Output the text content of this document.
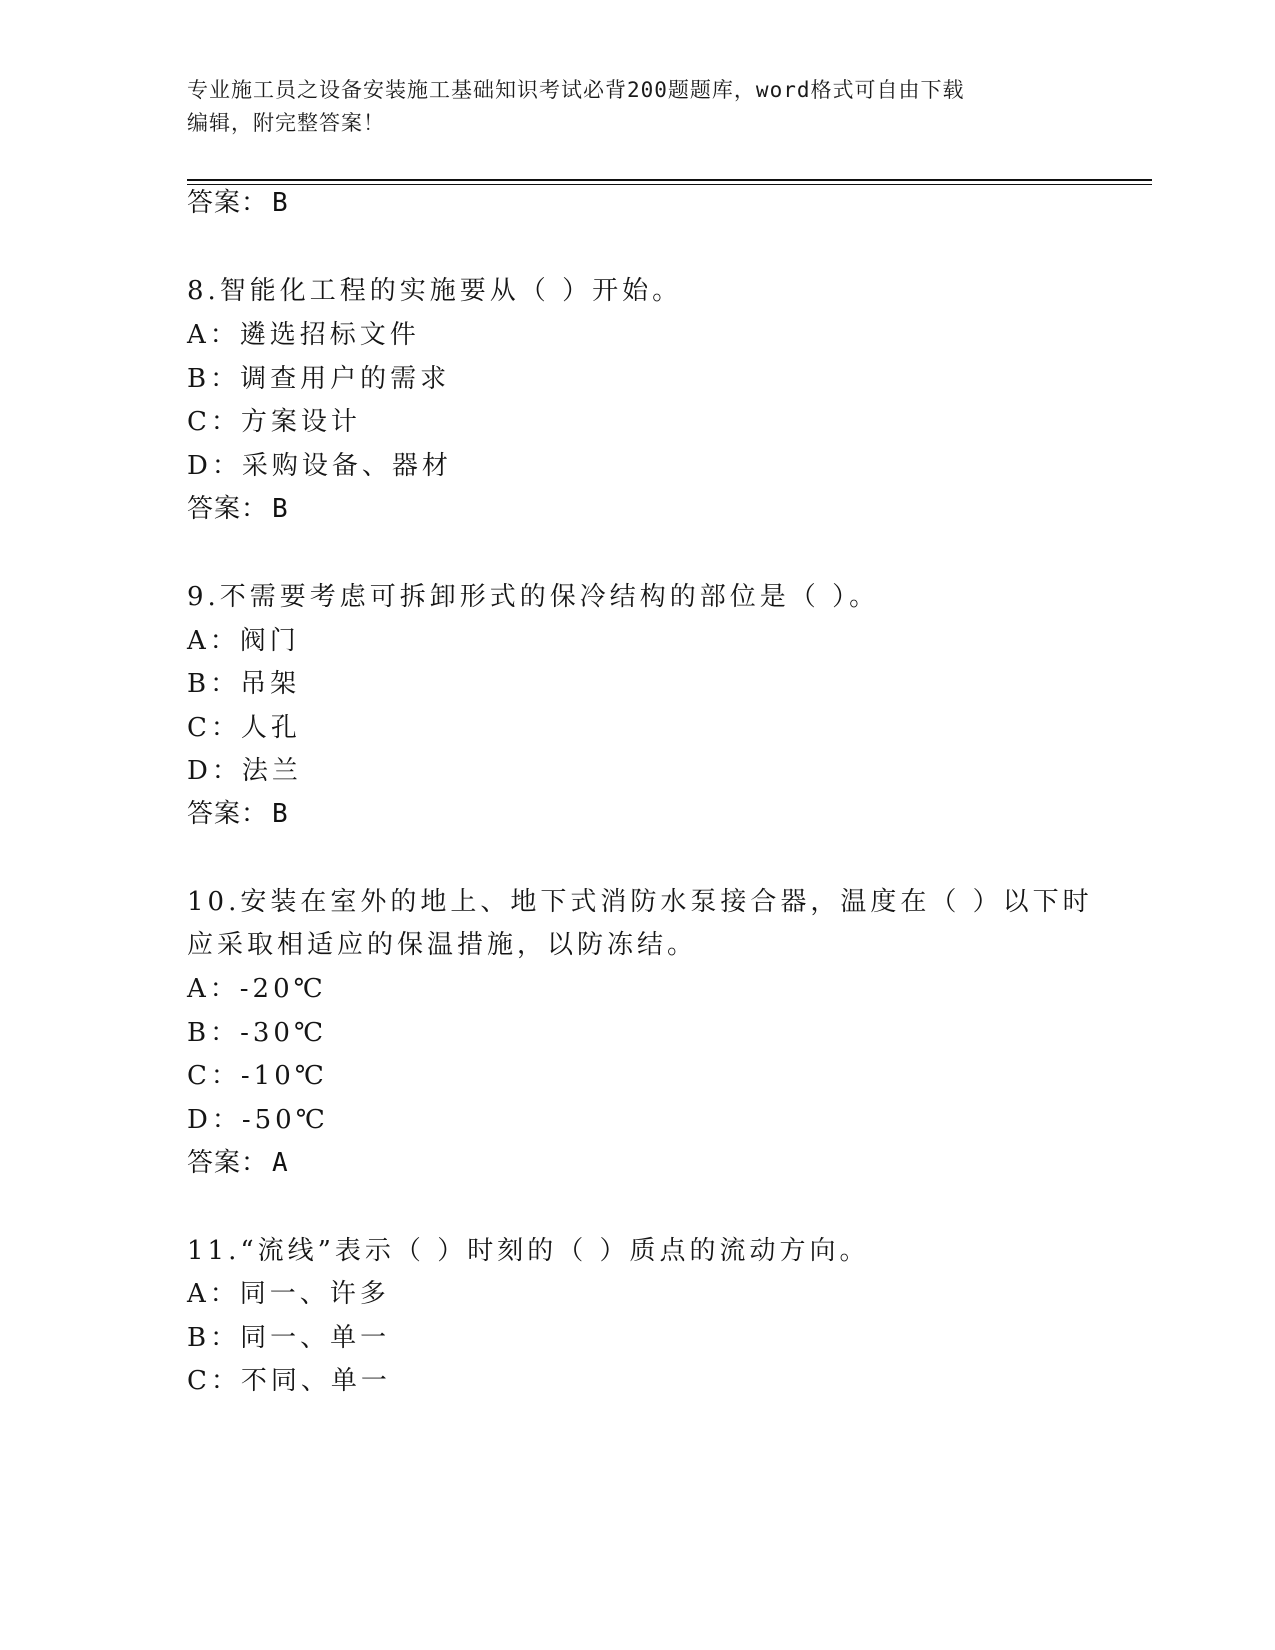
专业施工员之设备安装施工基础知识考试必背200题题库，word格式可自由下载
编辑，附完整答案！
答案： B
8.智能化工程的实施要从（ ）开始。
A：遴选招标文件
B：调查用户的需求
C：方案设计
D：采购设备、器材
答案： B
9.不需要考虑可拆卸形式的保冷结构的部位是（ ）。
A：阀门
B：吊架
C：人孔
D：法兰
答案： B
10.安装在室外的地上、地下式消防水泵接合器，温度在（ ）以下时
应采取相适应的保温措施，以防冻结。
A：-20℃
B：-30℃
C：-10℃
D：-50℃
答案： A
11.“流线”表示（ ）时刻的（ ）质点的流动方向。
A：同一、许多
B：同一、单一
C：不同、单一
